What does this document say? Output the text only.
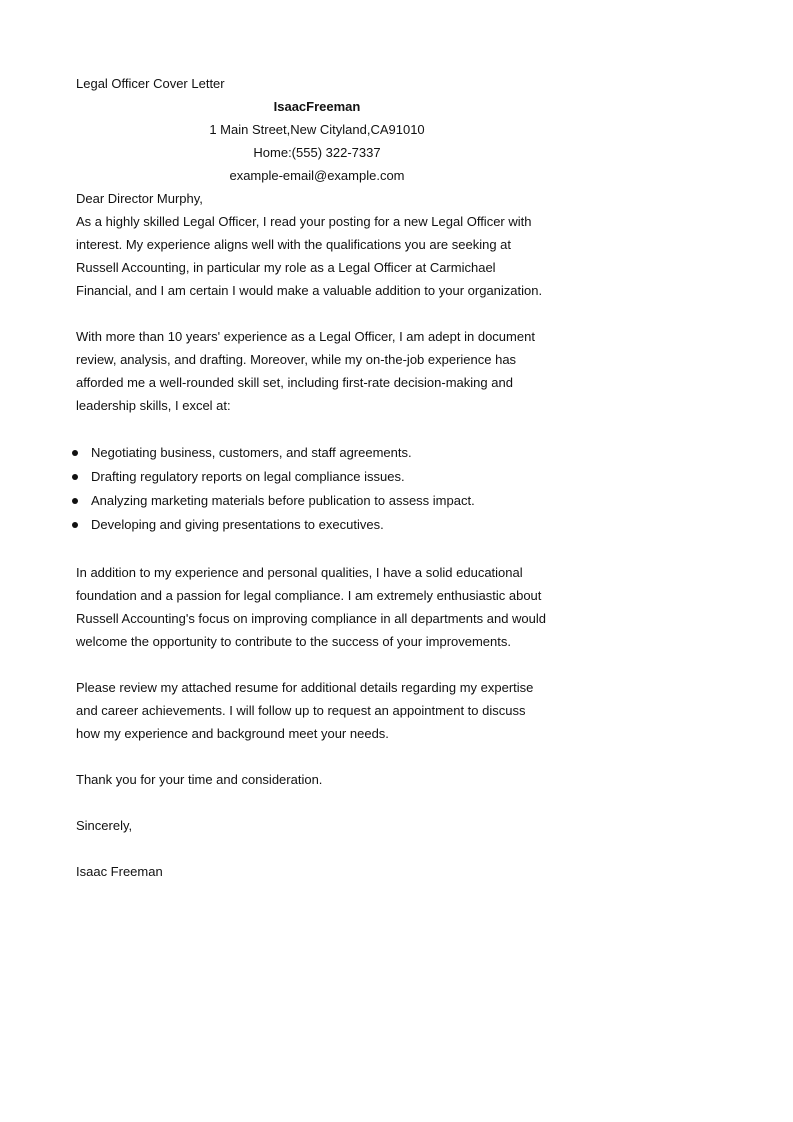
Legal Officer Cover Letter
IsaacFreeman
1 Main Street,New Cityland,CA91010
Home:(555) 322-7337
example-email@example.com
Dear Director Murphy,
As a highly skilled Legal Officer, I read your posting for a new Legal Officer with
interest. My experience aligns well with the qualifications you are seeking at
Russell Accounting, in particular my role as a Legal Officer at Carmichael
Financial, and I am certain I would make a valuable addition to your organization.
With more than 10 years' experience as a Legal Officer, I am adept in document
review, analysis, and drafting. Moreover, while my on-the-job experience has
afforded me a well-rounded skill set, including first-rate decision-making and
leadership skills, I excel at:
Negotiating business, customers, and staff agreements.
Drafting regulatory reports on legal compliance issues.
Analyzing marketing materials before publication to assess impact.
Developing and giving presentations to executives.
In addition to my experience and personal qualities, I have a solid educational
foundation and a passion for legal compliance. I am extremely enthusiastic about
Russell Accounting's focus on improving compliance in all departments and would
welcome the opportunity to contribute to the success of your improvements.
Please review my attached resume for additional details regarding my expertise
and career achievements. I will follow up to request an appointment to discuss
how my experience and background meet your needs.
Thank you for your time and consideration.
Sincerely,
Isaac Freeman
